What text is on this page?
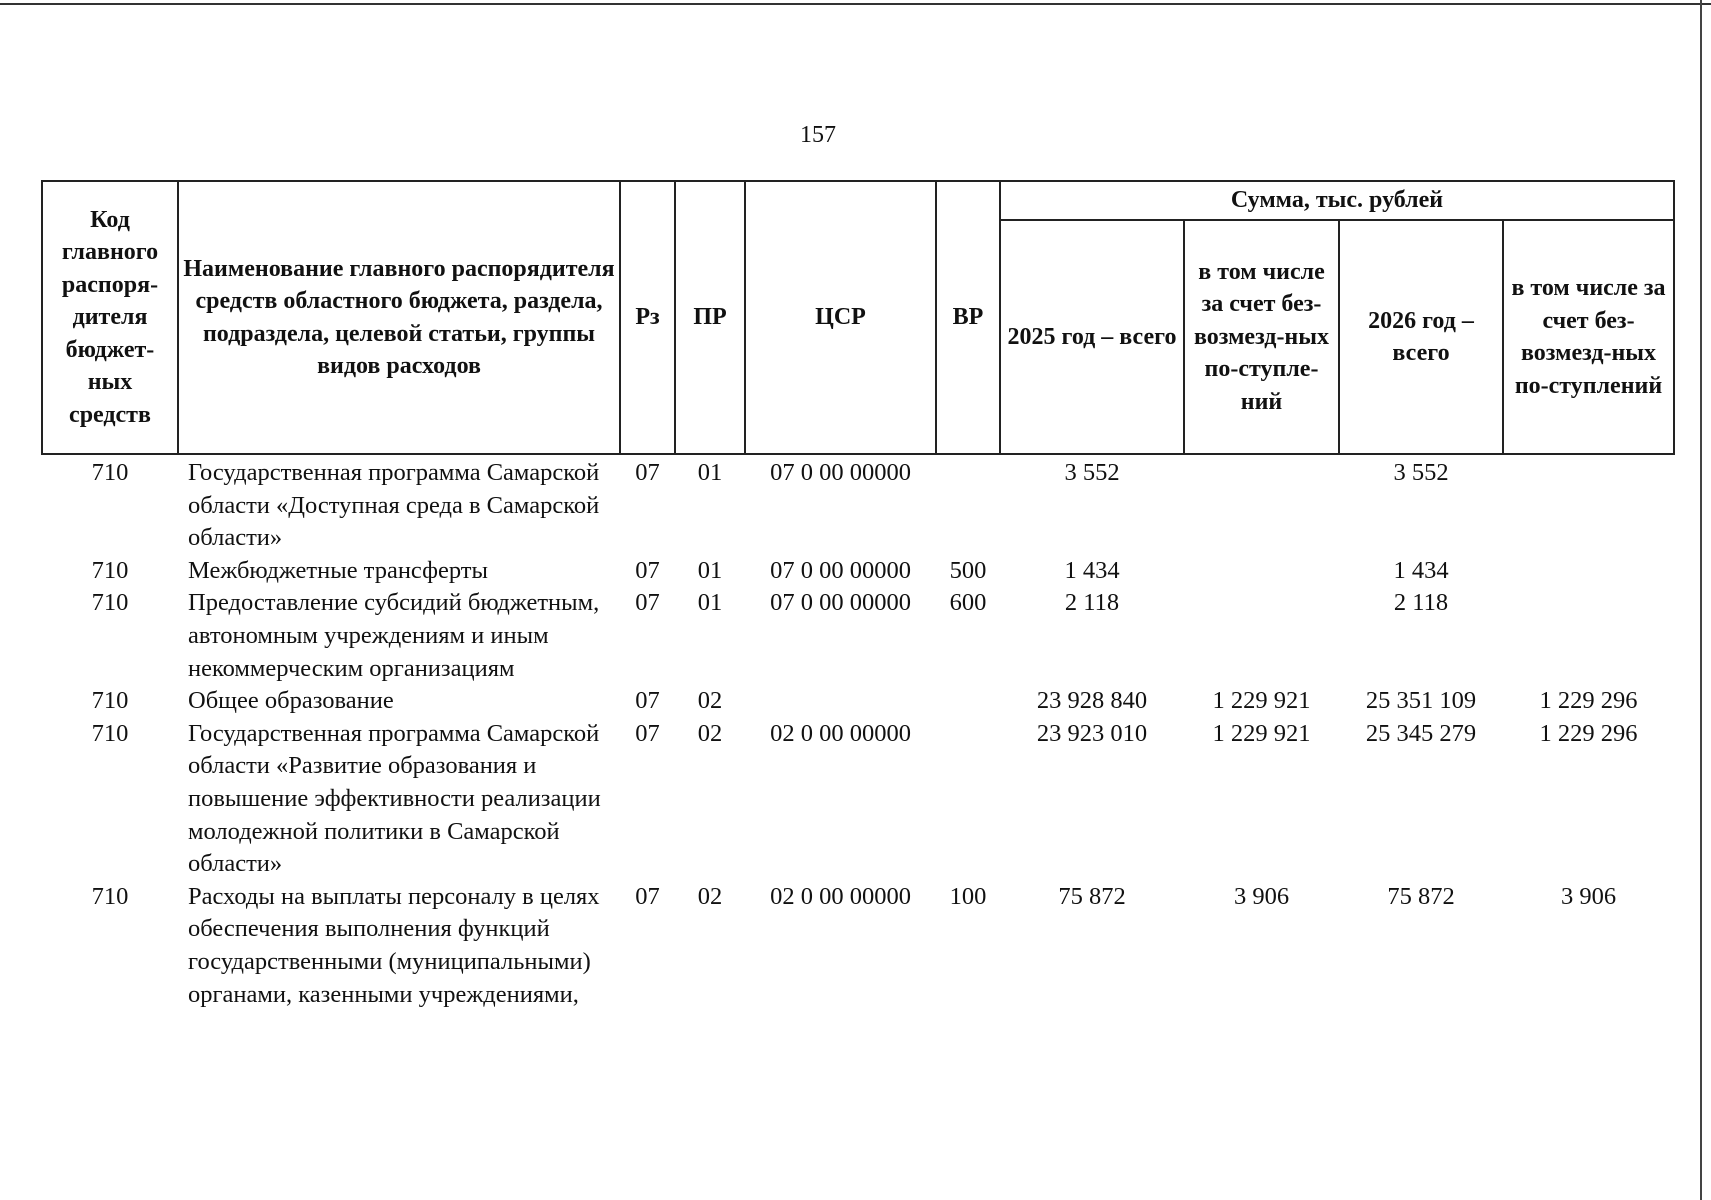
157
Код главного распоря-дителя бюджет-ных средств	Наименование главного распорядителя средств областного бюджета, раздела, подраздела, целевой статьи, группы видов расходов	Рз	ПР	ЦСР	ВР	Сумма, тыс. рублей			
						2025 год – всего	в том числе за счет без-возмезд-ных по-ступле-ний	2026 год – всего	в том числе за счет без-возмезд-ных по-ступлений
710	Государственная программа Самарской области «Доступная среда в Самарской области»	07	01	07 0 00 00000		3 552		3 552	
710	Межбюджетные трансферты	07	01	07 0 00 00000	500	1 434		1 434	
710	Предоставление субсидий бюджетным, автономным учреждениям и иным некоммерческим организациям	07	01	07 0 00 00000	600	2 118		2 118	
710	Общее образование	07	02			23 928 840	1 229 921	25 351 109	1 229 296
710	Государственная программа Самарской области «Развитие образования и повышение эффективности реализации молодежной политики в Самарской области»	07	02	02 0 00 00000		23 923 010	1 229 921	25 345 279	1 229 296
710	Расходы на выплаты персоналу в целях обеспечения выполнения функций государственными (муниципальными) органами, казенными учреждениями,	07	02	02 0 00 00000	100	75 872	3 906	75 872	3 906
